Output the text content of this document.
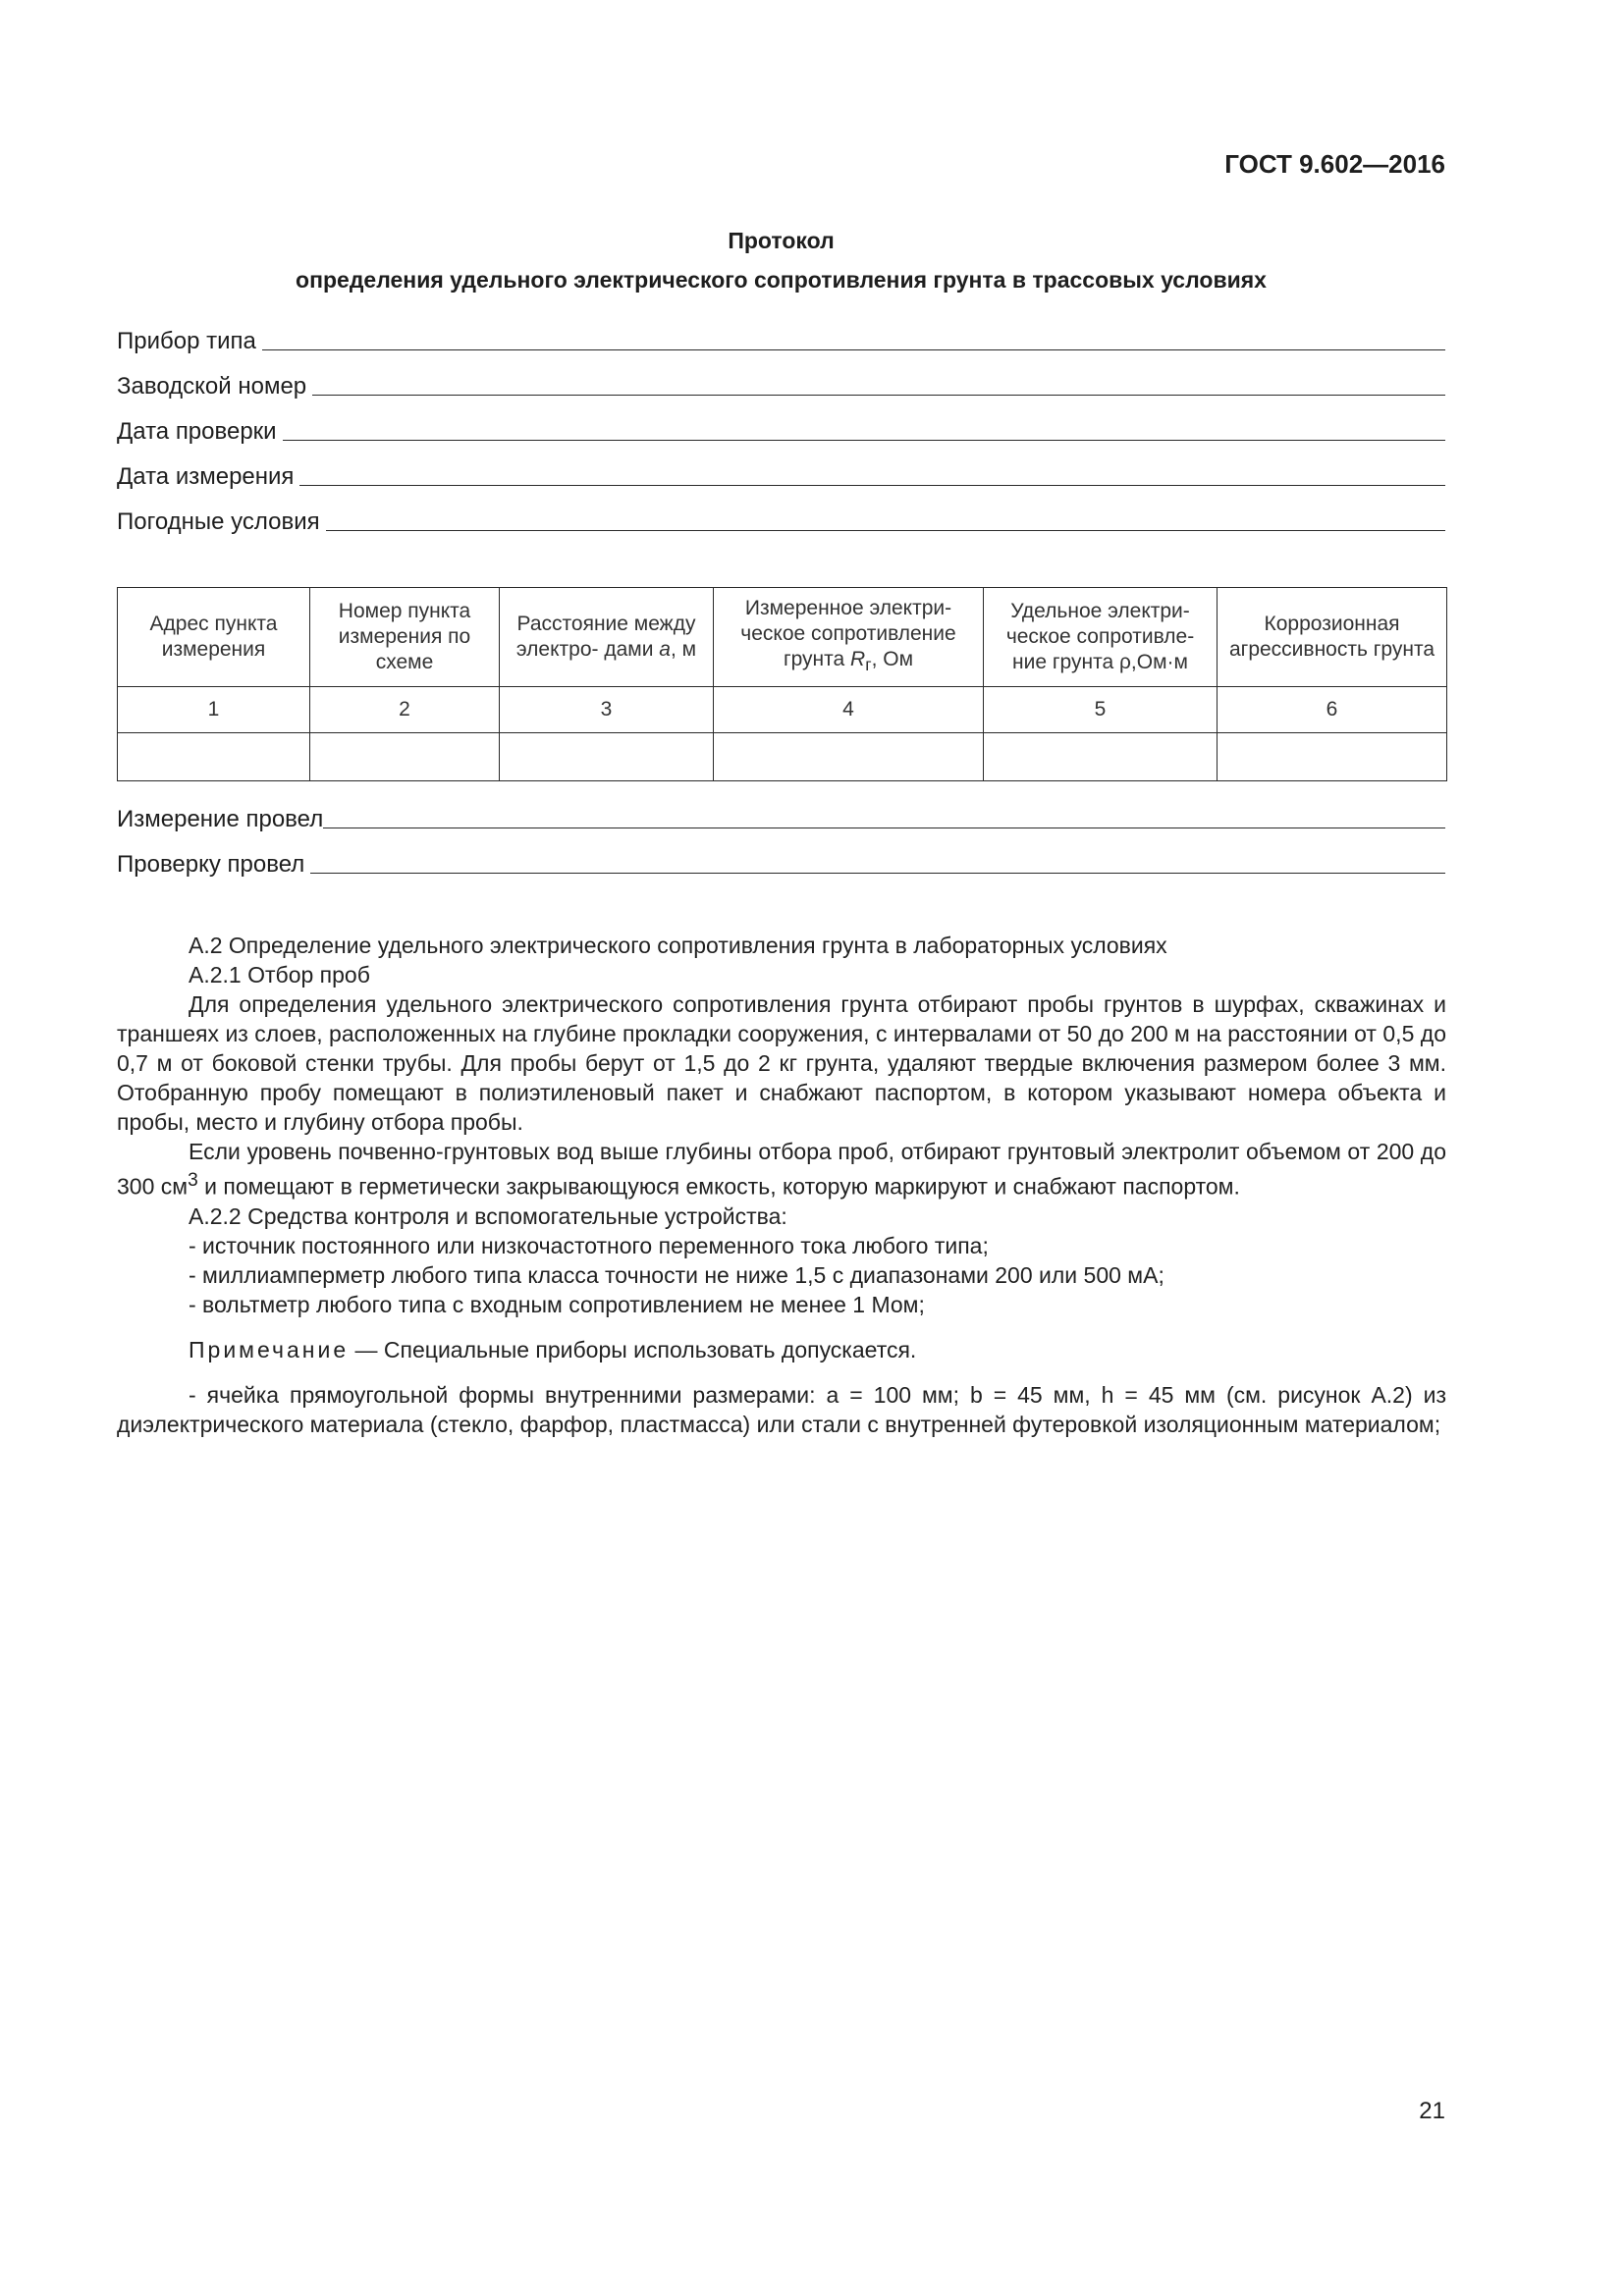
ГОСТ 9.602—2016
Протокол
определения удельного электрического сопротивления грунта в трассовых условиях
Прибор типа
Заводской номер
Дата проверки
Дата измерения
Погодные условия
Адрес пункта измерения	Номер пункта измерения по схеме	Расстояние между электро- дами a, м	Измеренное электри- ческое сопротивление грунта $R_г$, Ом	Удельное электри- ческое сопротивле- ние грунта ρ,Ом·м	Коррозионная агрессивность грунта
1	2	3	4	5	6

Измерение провел
Проверку провел

А.2 Определение удельного электрического сопротивления грунта в лабораторных условиях

А.2.1 Отбор проб

Для определения удельного электрического сопротивления грунта отбирают пробы грунтов в шурфах, скважинах и траншеях из слоев, расположенных на глубине прокладки сооружения, с интервалами от 50 до 200 м на расстоянии от 0,5 до 0,7 м от боковой стенки трубы. Для пробы берут от 1,5 до 2 кг грунта, удаляют твердые включения размером более 3 мм. Отобранную пробу помещают в полиэтиленовый пакет и снабжают паспортом, в котором указывают номера объекта и пробы, место и глубину отбора пробы.

Если уровень почвенно-грунтовых вод выше глубины отбора проб, отбирают грунтовый электролит объемом от 200 до 300 $см^3$ и помещают в герметически закрывающуюся емкость, которую маркируют и снабжают паспортом.

А.2.2 Средства контроля и вспомогательные устройства:

- источник постоянного или низкочастотного переменного тока любого типа;

- миллиамперметр любого типа класса точности не ниже 1,5 с диапазонами 200 или 500 мА;

- вольтметр любого типа с входным сопротивлением не менее 1 Мом;

Примечание — Специальные приборы использовать допускается.

- ячейка прямоугольной формы внутренними размерами: а = 100 мм; b = 45 мм, h = 45 мм (см. рисунок А.2) из диэлектрического материала (стекло, фарфор, пластмасса) или стали с внутренней футеровкой изоляционным материалом;

21
